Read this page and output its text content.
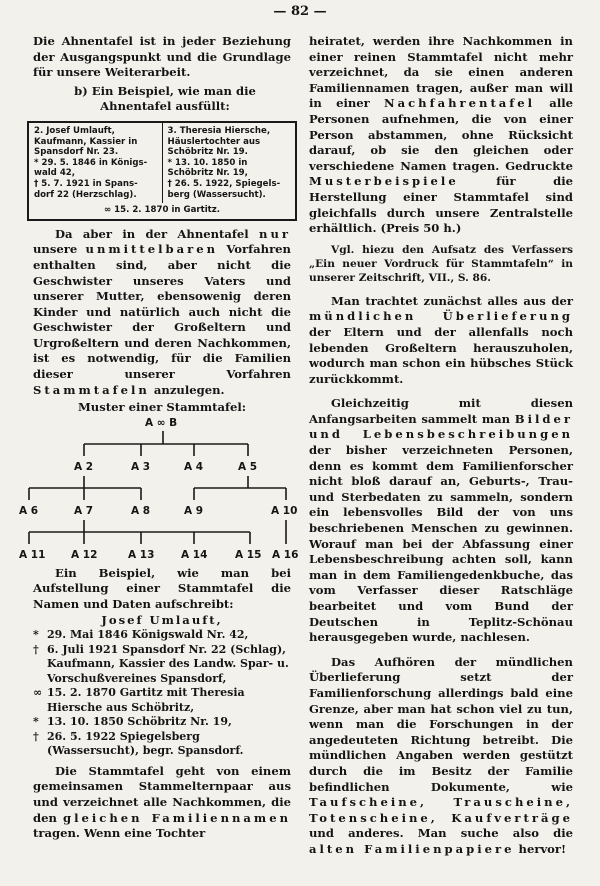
— 82 —

Die Ahnentafel ist in jeder Beziehung der Ausgangspunkt und die Grundlage für unsere Weiterarbeit.

b) Ein Beispiel, wie man die Ahnentafel ausfüllt:

2. Josef Umlauft,
Kaufmann, Kassier in
Spansdorf Nr. 23.
* 29. 5. 1846 in Königs-
wald 42,
† 5. 7. 1921 in Spans-
dorf 22 (Herzschlag).
3. Theresia Hiersche,
Häuslertochter aus
Schöbritz Nr. 19.
* 13. 10. 1850 in
Schöbritz Nr. 19,
† 26. 5. 1922, Spiegels-
berg (Wassersucht).
∞ 15. 2. 1870 in Gartitz.

Da aber in der Ahnentafel nur unsere unmittelbaren Vorfahren enthalten sind, aber nicht die Geschwister unseres Vaters und unserer Mutter, ebensowenig deren Kinder und natürlich auch nicht die Geschwister der Großeltern und Urgroßeltern und deren Nachkommen, ist es notwendig, für die Familien dieser unserer Vorfahren Stammtafeln anzulegen.

Muster einer Stammtafel:
A ∞ B
A 2	A 3	A 4	A 5
A 6	A 7	A 8	A 9	A 10
A 11 A 12	A 13	A 14	A 15 A 16

Ein Beispiel, wie man bei Aufstellung einer Stammtafel die Namen und Daten aufschreibt:

Josef Umlauft,
* 29. Mai 1846 Königswald Nr. 42,
† 6. Juli 1921 Spansdorf Nr. 22 (Schlag), Kaufmann, Kassier des Landw. Spar- u. Vorschußvereines Spansdorf,
∞ 15. 2. 1870 Gartitz mit Theresia Hiersche aus Schöbritz,
* 13. 10. 1850 Schöbritz Nr. 19,
† 26. 5. 1922 Spiegelsberg (Wassersucht), begr. Spansdorf.

Die Stammtafel geht von einem gemeinsamen Stammelternpaar aus und verzeichnet alle Nachkommen, die den gleichen Familiennamen tragen. Wenn eine Tochter

heiratet, werden ihre Nachkommen in einer reinen Stammtafel nicht mehr verzeichnet, da sie einen anderen Familiennamen tragen, außer man will in einer Nachfahrentafel alle Personen aufnehmen, die von einer Person abstammen, ohne Rücksicht darauf, ob sie den gleichen oder verschiedene Namen tragen. Gedruckte Musterbeispiele für die Herstellung einer Stammtafel sind gleichfalls durch unsere Zentralstelle erhältlich. (Preis 50 h.)

Vgl. hiezu den Aufsatz des Verfassers „Ein neuer Vordruck für Stammtafeln“ in unserer Zeitschrift, VII., S. 86.

Man trachtet zunächst alles aus der mündlichen Überlieferung der Eltern und der allenfalls noch lebenden Großeltern herauszuholen, wodurch man schon ein hübsches Stück zurückkommt.

Gleichzeitig mit diesen Anfangsarbeiten sammelt man Bilder und Lebensbeschreibungen der bisher verzeichneten Personen, denn es kommt dem Familienforscher nicht bloß darauf an, Geburts-, Trau- und Sterbedaten zu sammeln, sondern ein lebensvolles Bild der von uns beschriebenen Menschen zu gewinnen. Worauf man bei der Abfassung einer Lebensbeschreibung achten soll, kann man in dem Familiengedenkbuche, das vom Verfasser dieser Ratschläge bearbeitet und vom Bund der Deutschen in Teplitz-Schönau herausgegeben wurde, nachlesen.

Das Aufhören der mündlichen Überlieferung setzt der Familienforschung allerdings bald eine Grenze, aber man hat schon viel zu tun, wenn man die Forschungen in der angedeuteten Richtung betreibt. Die mündlichen Angaben werden gestützt durch die im Besitz der Familie befindlichen Dokumente, wie Taufscheine, Trauscheine, Totenscheine, Kaufverträge und anderes. Man suche also die alten Familienpapiere hervor!
